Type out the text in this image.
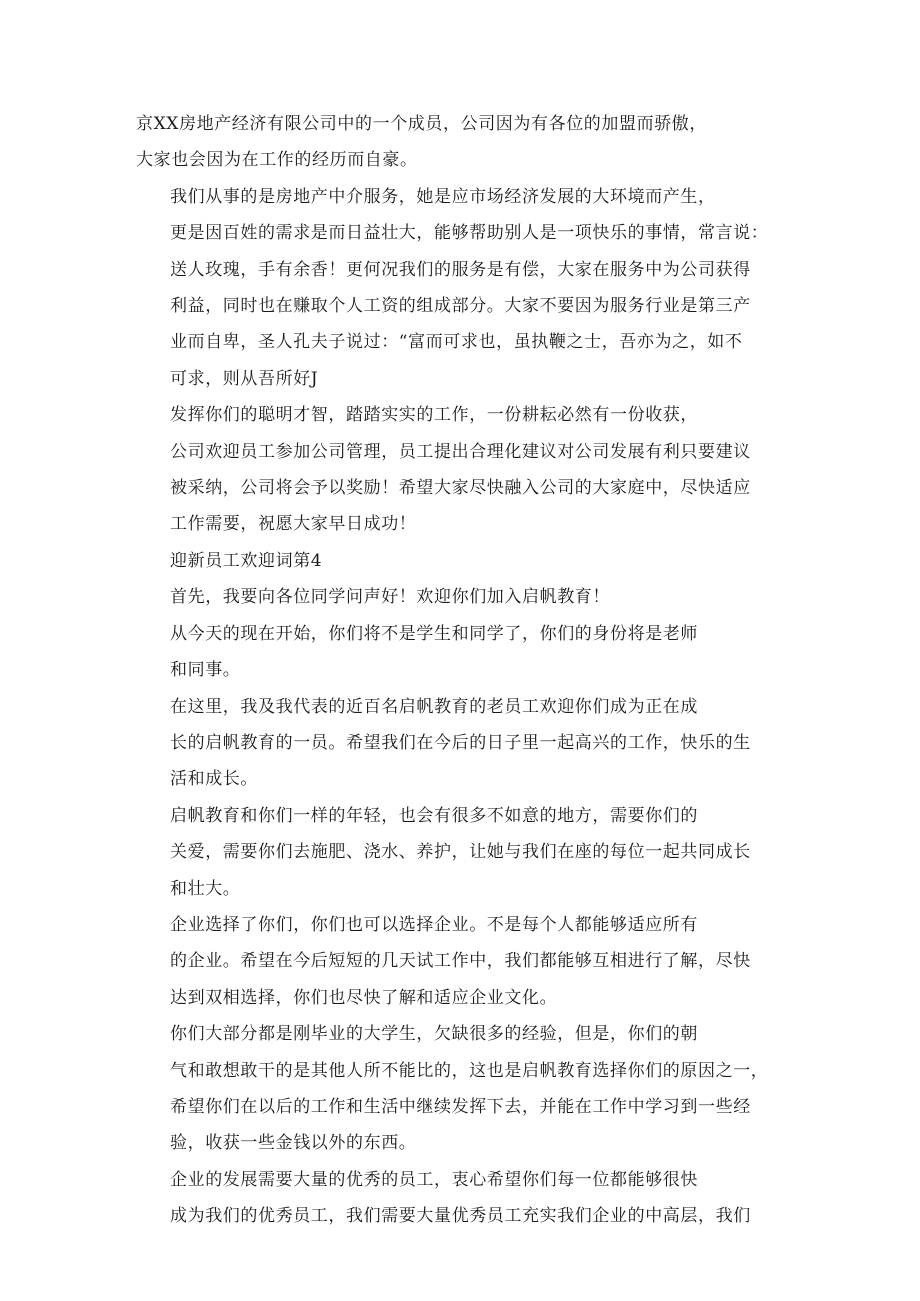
京XX房地产经济有限公司中的一个成员，公司因为有各位的加盟而骄傲，
大家也会因为在工作的经历而自豪。

我们从事的是房地产中介服务，她是应市场经济发展的大环境而产生，
更是因百姓的需求是而日益壮大，能够帮助别人是一项快乐的事情，常言说：
送人玫瑰，手有余香！更何况我们的服务是有偿，大家在服务中为公司获得
利益，同时也在赚取个人工资的组成部分。大家不要因为服务行业是第三产
业而自卑，圣人孔夫子说过：“富而可求也，虽执鞭之士，吾亦为之，如不
可求，则从吾所好J

发挥你们的聪明才智，踏踏实实的工作，一份耕耘必然有一份收获，
公司欢迎员工参加公司管理，员工提出合理化建议对公司发展有利只要建议
被采纳，公司将会予以奖励！希望大家尽快融入公司的大家庭中，尽快适应
工作需要，祝愿大家早日成功！

迎新员工欢迎词第4

首先，我要向各位同学问声好！欢迎你们加入启帆教育！

从今天的现在开始，你们将不是学生和同学了，你们的身份将是老师
和同事。

在这里，我及我代表的近百名启帆教育的老员工欢迎你们成为正在成
长的启帆教育的一员。希望我们在今后的日子里一起高兴的工作，快乐的生
活和成长。

启帆教育和你们一样的年轻，也会有很多不如意的地方，需要你们的
关爱，需要你们去施肥、浇水、养护，让她与我们在座的每位一起共同成长
和壮大。

企业选择了你们，你们也可以选择企业。不是每个人都能够适应所有
的企业。希望在今后短短的几天试工作中，我们都能够互相进行了解，尽快
达到双相选择，你们也尽快了解和适应企业文化。

你们大部分都是刚毕业的大学生，欠缺很多的经验，但是，你们的朝
气和敢想敢干的是其他人所不能比的，这也是启帆教育选择你们的原因之一，
希望你们在以后的工作和生活中继续发挥下去，并能在工作中学习到一些经
验，收获一些金钱以外的东西。

企业的发展需要大量的优秀的员工，衷心希望你们每一位都能够很快
成为我们的优秀员工，我们需要大量优秀员工充实我们企业的中高层，我们
